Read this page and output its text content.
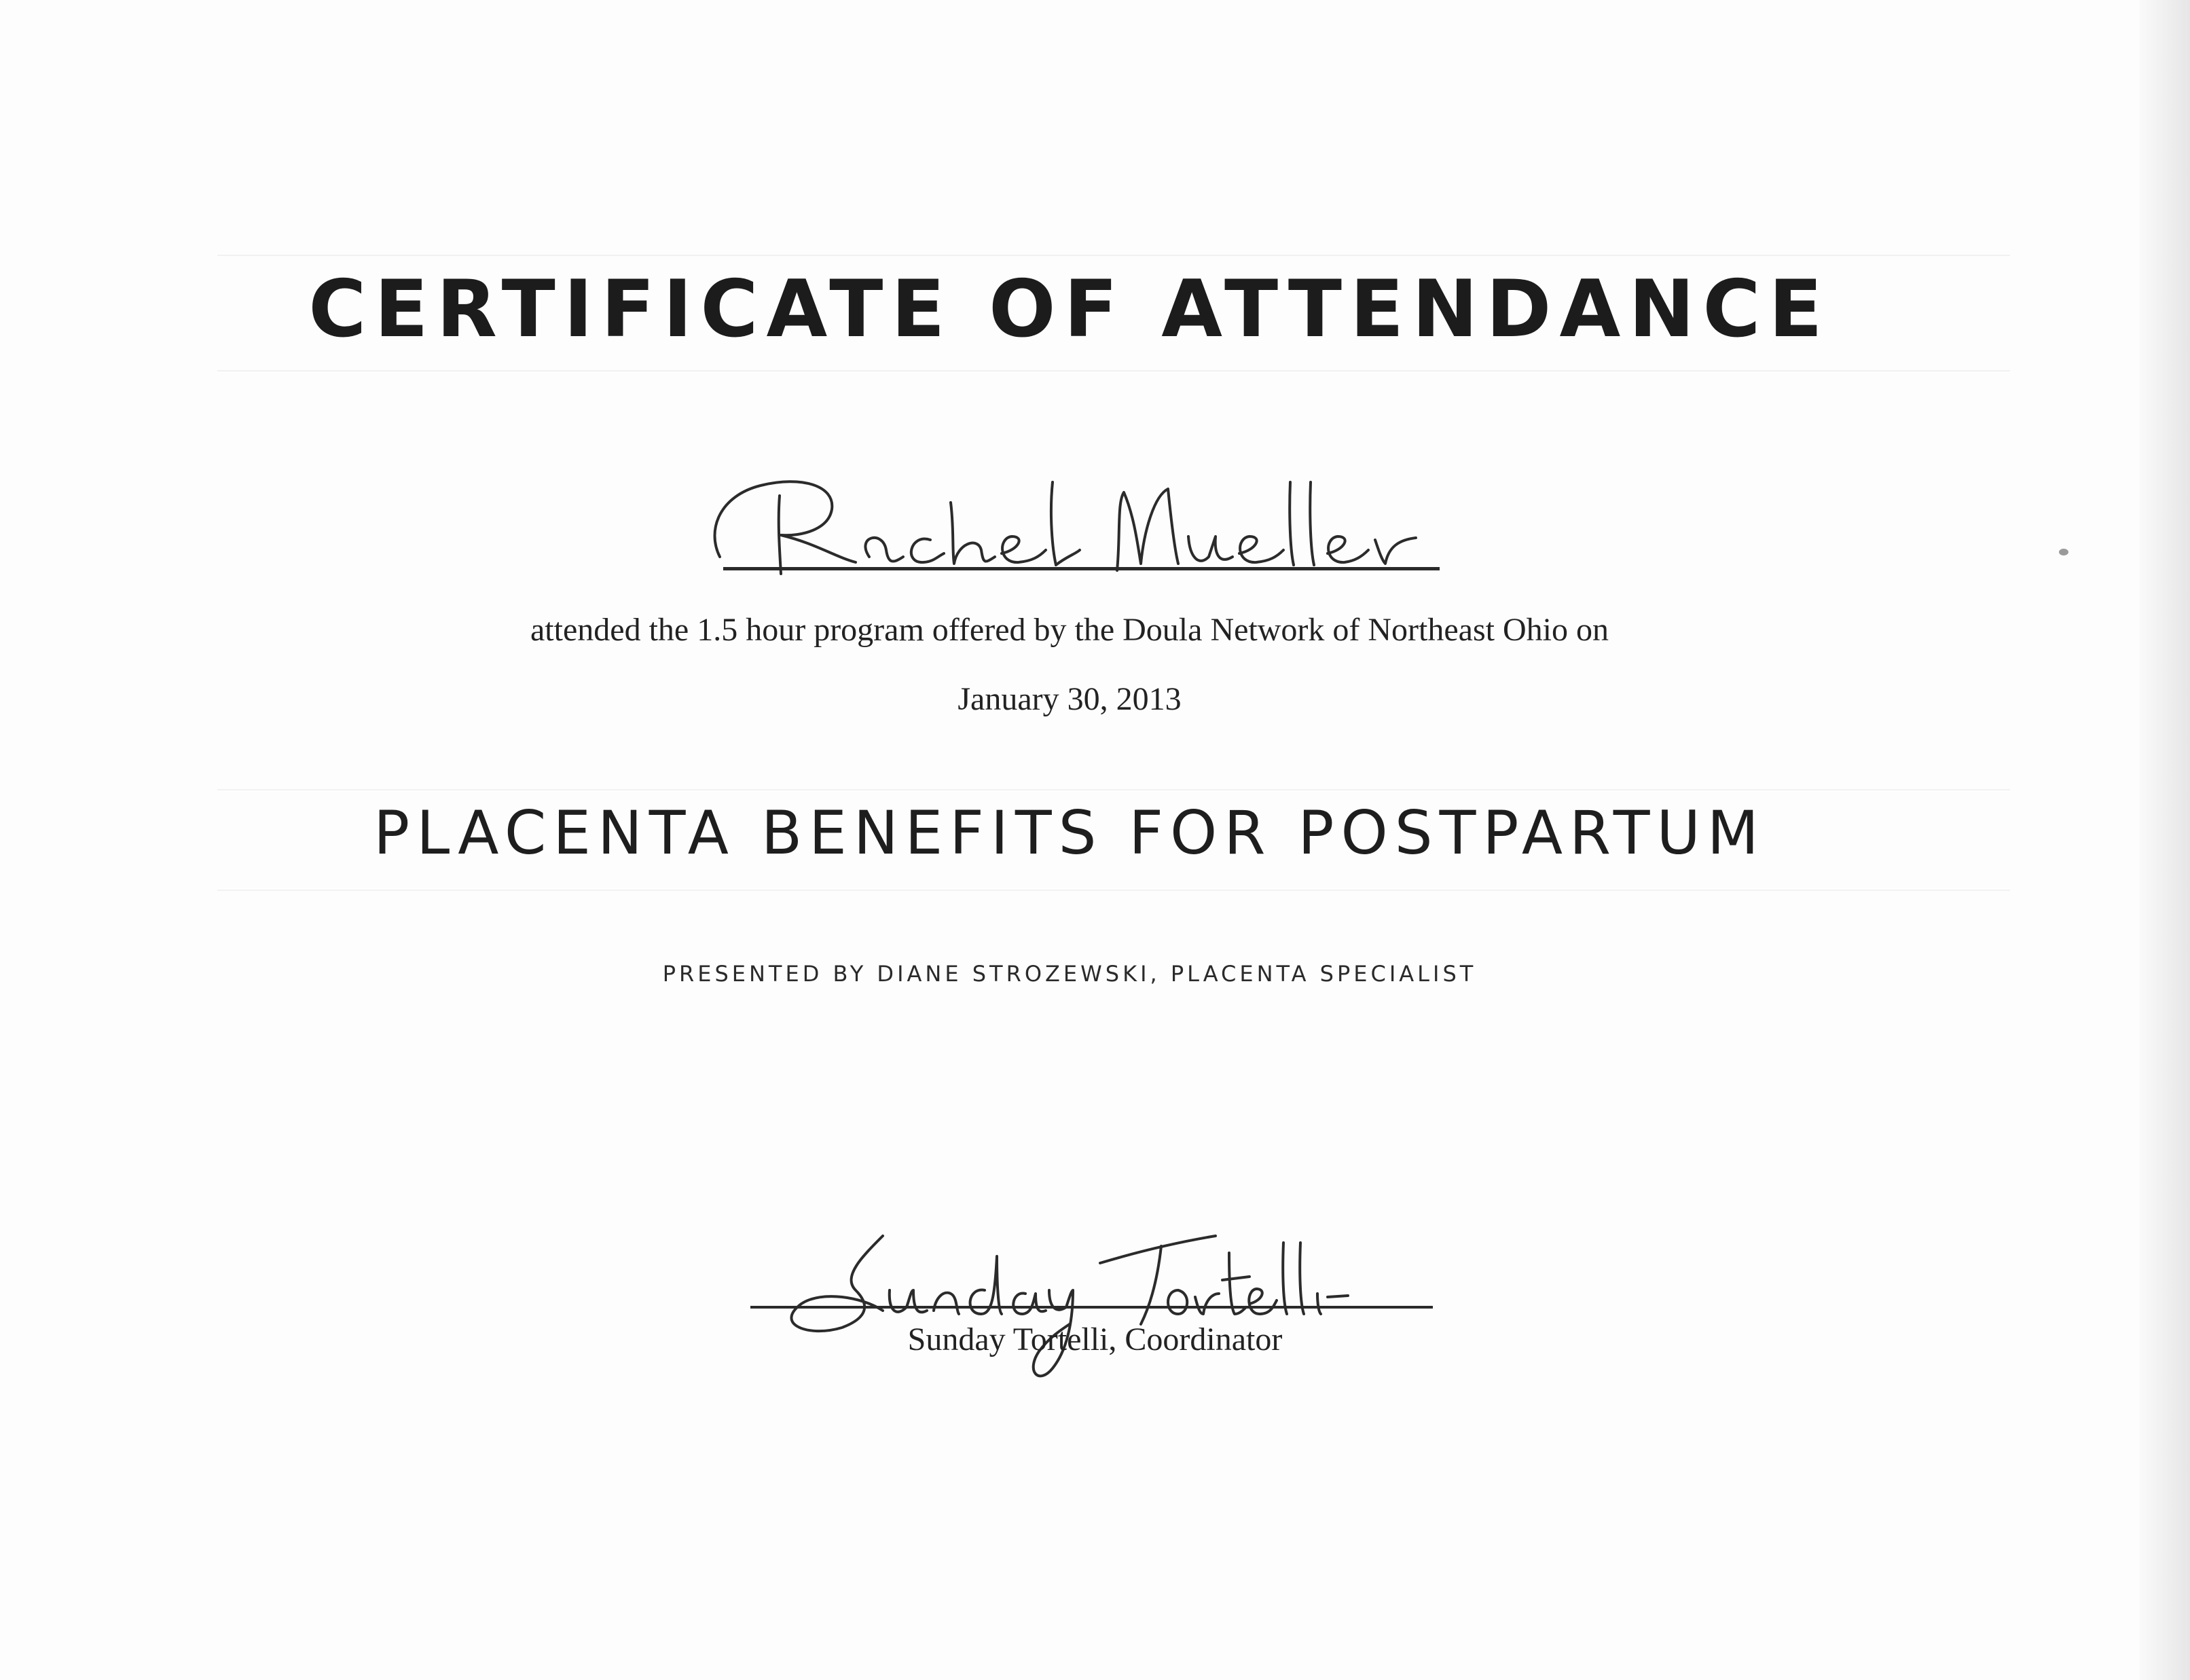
CERTIFICATE OF ATTENDANCE
attended the 1.5 hour program offered by the Doula Network of Northeast Ohio on
January 30, 2013
PLACENTA BENEFITS FOR POSTPARTUM
PRESENTED BY DIANE STROZEWSKI, PLACENTA SPECIALIST
Sunday Tortelli, Coordinator
